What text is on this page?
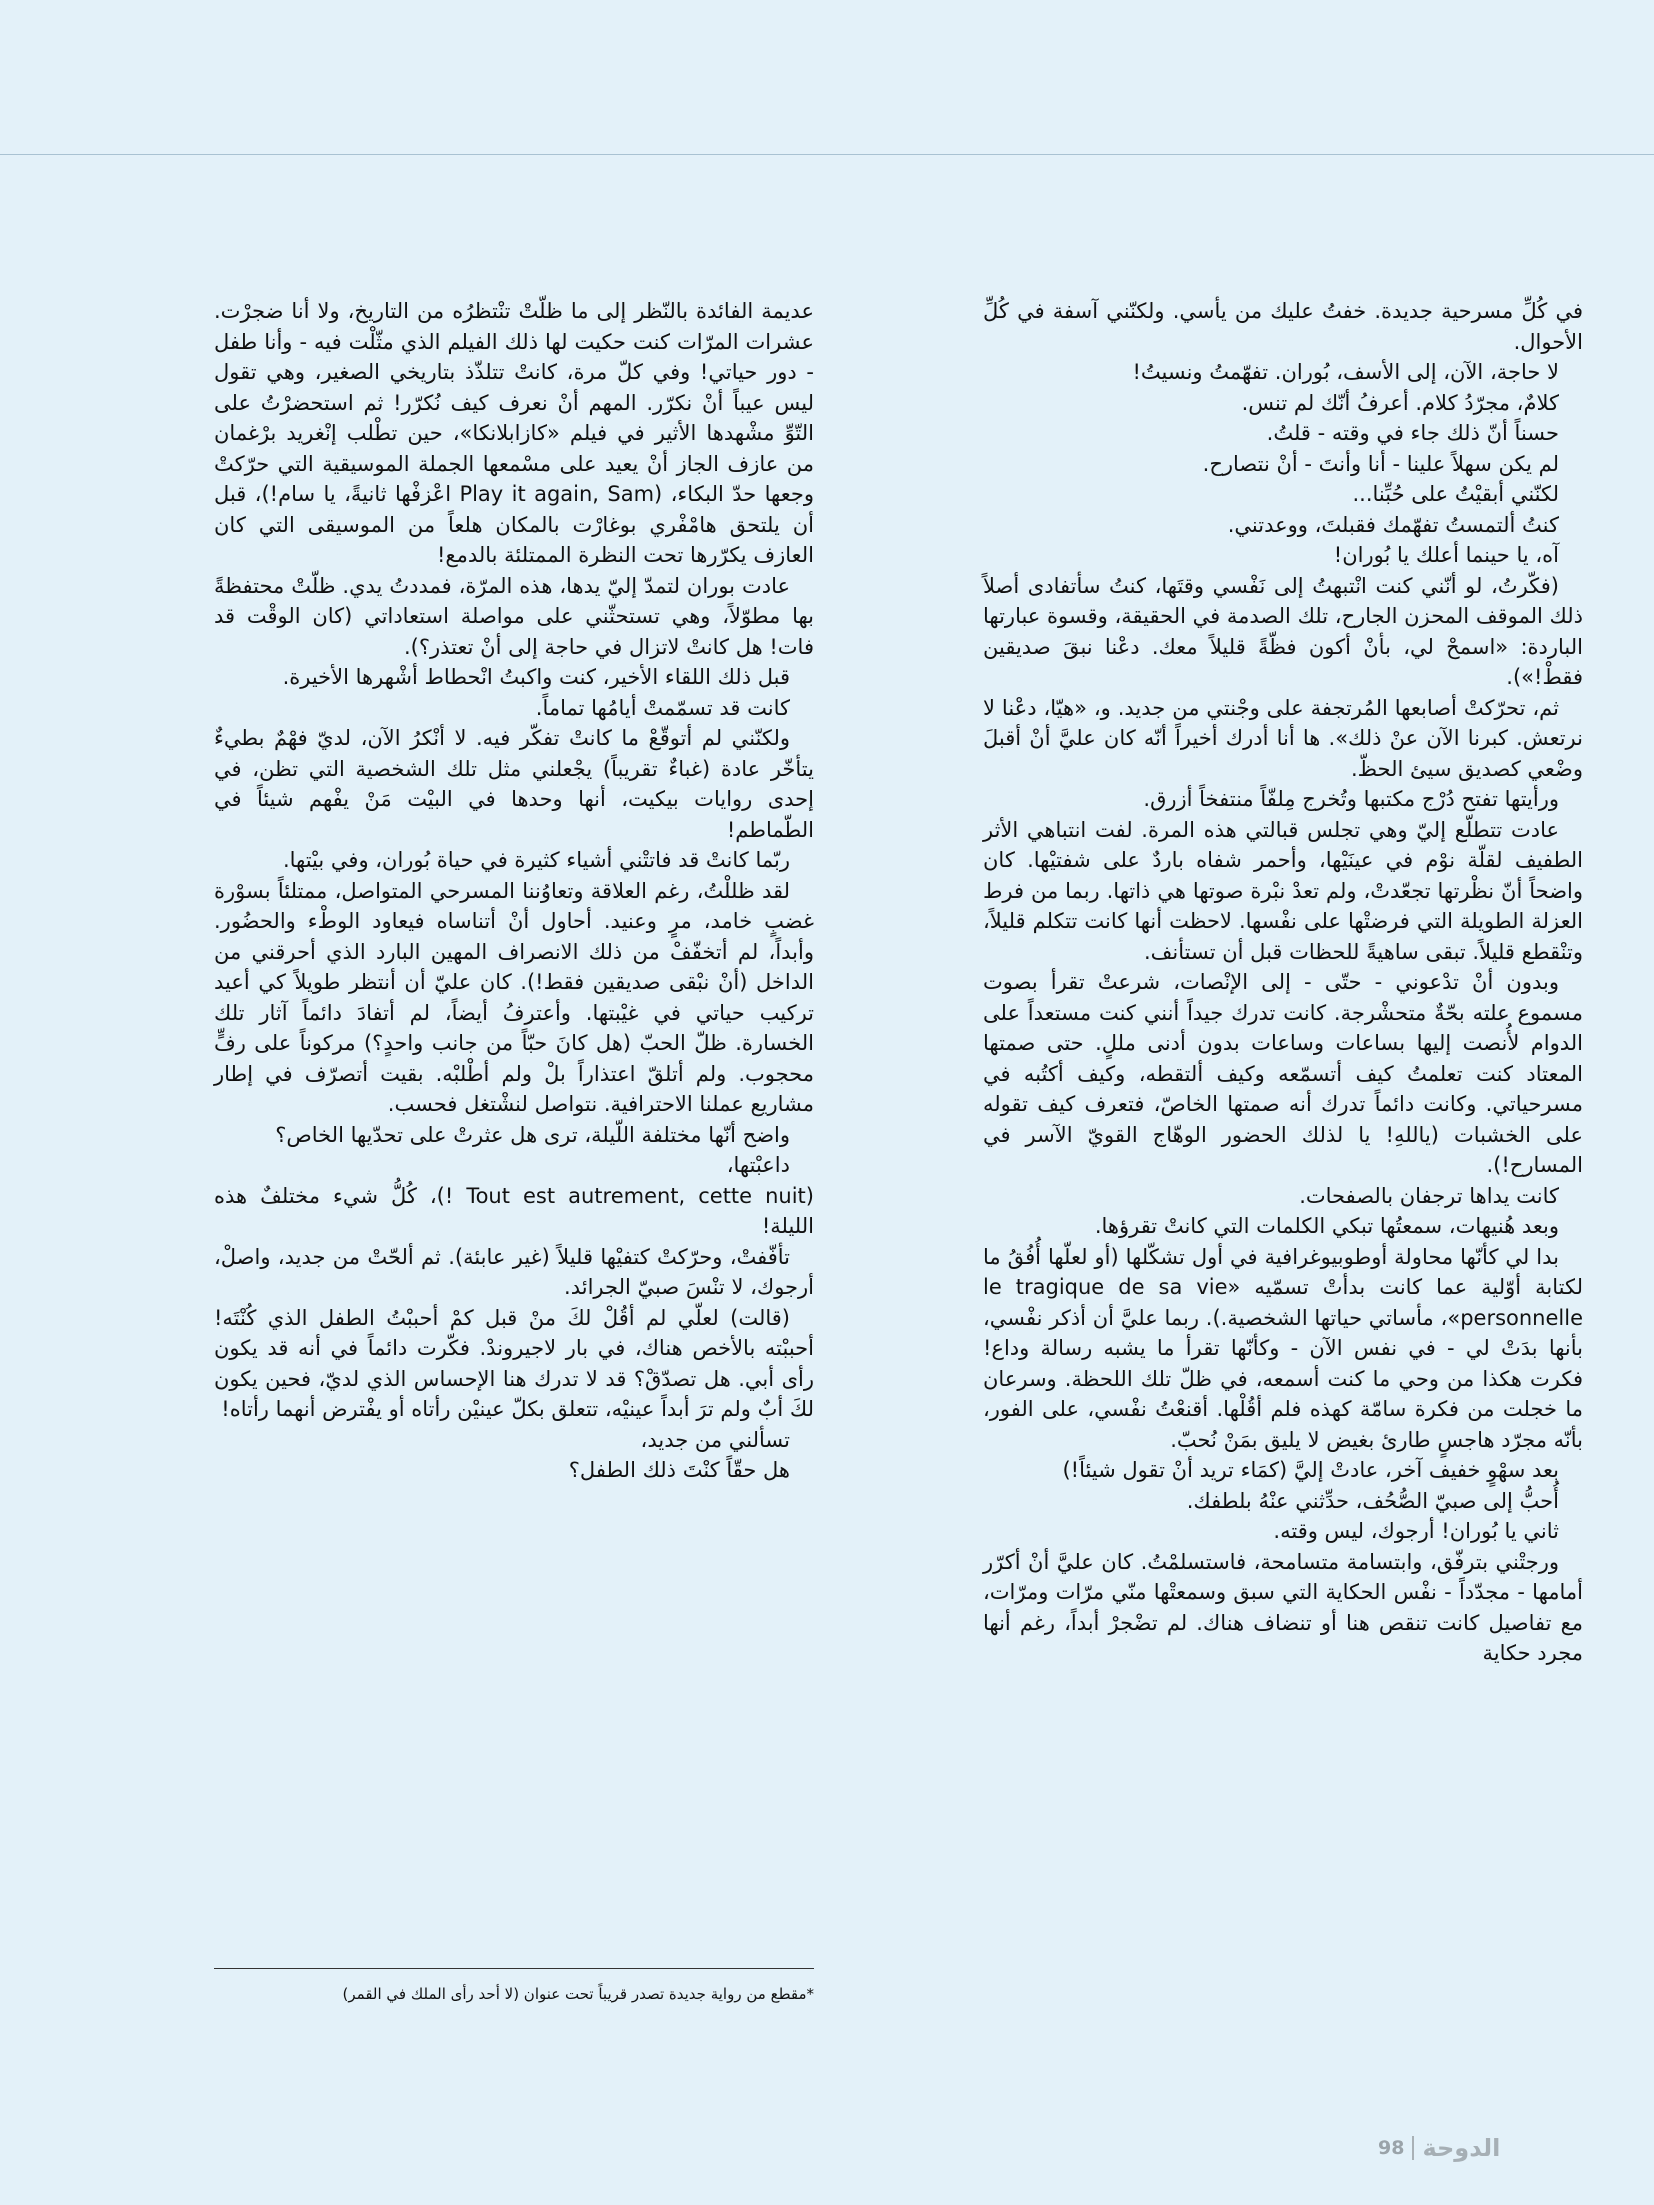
في كُلِّ مسرحية جديدة. خفتُ عليك من يأسي. ولكنّني آسفة في كُلِّ الأحوال.

لا حاجة، الآن، إلى الأسف، بُوران. تفهّمتُ ونسيتُ!

كلامٌ، مجرّدُ كلام. أعرفُ أنّك لم تنس.

حسناً أنّ ذلك جاء في وقته - قلتُ.

لم يكن سهلاً علينا - أنا وأنتَ - أنْ نتصارح.

لكنّني أبقيْتُ على حُبِّنا...

كنتُ ألتمستُ تفهّمك فقبلتَ، ووعدتني.

آه، يا حينما أعلك يا بُوران!

(فكّرتُ، لو أنّني كنت انْتبهتُ إلى نَفْسي وقتَها، كنتُ سأتفادى أصلاً ذلك الموقف المحزن الجارح، تلك الصدمة في الحقيقة، وقسوة عبارتها الباردة: «اسمحْ لي، بأنْ أكون فظّةً قليلاً معك. دعْنا نبقَ صديقين فقطْ!»).

ثم، تحرّكتْ أصابعها المُرتجفة على وجْنتي من جديد. و، «هيّا، دعْنا لا نرتعش. كبرنا الآن عنْ ذلك». ها أنا أدرك أخيراً أنّه كان عليَّ أنْ أقبلَ وضْعي كصديق سيئ الحظّ.

ورأيتها تفتح دُرْج مكتبها وتُخرج مِلفّاً منتفخاً أزرق.

عادت تتطلّع إليّ وهي تجلس قبالتي هذه المرة. لفت انتباهي الأثر الطفيف لقلّة نوْم في عينَيْها، وأحمر شفاه باردٌ على شفتيْها. كان واضحاً أنّ نظْرتها تجعّدتْ، ولم تعدْ نبْرة صوتها هي ذاتها. ربما من فرط العزلة الطويلة التي فرضتْها على نفْسها. لاحظت أنها كانت تتكلم قليلاً، وتنْقطع قليلاً. تبقى ساهيةً للحظات قبل أن تستأنف.

وبدون أنْ تدْعوني - حتّى - إلى الإنْصات، شرعتْ تقرأ بصوت مسموع علته بحّةٌ متحشْرجة. كانت تدرك جيداً أنني كنت مستعداً على الدوام لأُنصت إليها بساعات وساعات بدون أدنى مللٍ. حتى صمتها المعتاد كنت تعلمتُ كيف أتسمّعه وكيف ألتقطه، وكيف أكتُبه في مسرحياتي. وكانت دائماً تدرك أنه صمتها الخاصّ، فتعرف كيف تقوله على الخشبات (ياللهِ! يا لذلك الحضور الوهّاج القويّ الآسر في المسارح!).

كانت يداها ترجفان بالصفحات.

وبعد هُنيهات، سمعتُها تبكي الكلمات التي كانتْ تقرؤها.

بدا لي كأنّها محاولة أوطوبيوغرافية في أول تشكّلها (أو لعلّها أُفُقُ ما لكتابة أوّلية عما كانت بدأتْ تسمّيه «le tragique de sa vie personnelle»، مأساتي حياتها الشخصية.). ربما عليَّ أن أذكر نفْسي، بأنها بدَتْ لي - في نفس الآن - وكأنّها تقرأ ما يشبه رسالة وداع! فكرت هكذا من وحي ما كنت أسمعه، في ظلّ تلك اللحظة. وسرعان ما خجلت من فكرة سامّة كهذه فلم أقُلْها. أقنعْتُ نفْسي، على الفور، بأنّه مجرّد هاجسٍ طارئ بغيض لا يليق بمَنْ نُحبّ.

بعد سهْوٍ خفيف آخر، عادتْ إليَّ (كمَاء تريد أنْ تقول شيئاً!)

أُحبُّ إلى صبيّ الصُّحُف، حدِّثني عنْهُ بلطفك.

ثاني يا بُوران! أرجوك، ليس وقته.

ورجتْني بترفّق، وابتسامة متسامحة، فاستسلمْتُ. كان عليَّ أنْ أكرّر أمامها - مجدّداً - نفْس الحكاية التي سبق وسمعتْها منّي مرّات ومرّات، مع تفاصيل كانت تنقص هنا أو تنضاف هناك. لم تضْجرْ أبداً، رغم أنها مجرد حكاية

عديمة الفائدة بالنّظر إلى ما ظلّتْ تنْتظرُه من التاريخ، ولا أنا ضجرْت. عشرات المرّات كنت حكيت لها ذلك الفيلم الذي مثّلْت فيه - وأنا طفل - دور حياتي! وفي كلّ مرة، كانتْ تتلذّذ بتاريخي الصغير، وهي تقول ليس عيباً أنْ نكرّر. المهم أنْ نعرف كيف نُكرّر! ثم استحضرْتُ على التّوِّ مشْهدها الأثير في فيلم «كازابلانكا»، حين تطْلب إنْغريد برْغمان من عازف الجاز أنْ يعيد على مسْمعها الجملة الموسيقية التي حرّكتْ وجعها حدّ البكاء، (Play it again, Sam اعْزفْها ثانيةً، يا سام!)، قبل أن يلتحق هامْفْري بوغارْت بالمكان هلعاً من الموسيقى التي كان العازف يكرّرها تحت النظرة الممتلئة بالدمع!

عادت بوران لتمدّ إليّ يدها، هذه المرّة، فمددتُ يدي. ظلّتْ محتفظةً بها مطوّلاً، وهي تستحثّني على مواصلة استعاداتي (كان الوقْت قد فات! هل كانتْ لاتزال في حاجة إلى أنْ تعتذر؟).

قبل ذلك اللقاء الأخير، كنت واكبتُ انْحطاط أشْهرها الأخيرة.

كانت قد تسمّمتْ أيامُها تماماً.

ولكنّني لم أتوقّعْ ما كانتْ تفكّر فيه. لا أنْكرُ الآن، لديّ فهْمٌ بطيءٌ يتأخّر عادة (غباءٌ تقريباً) يجْعلني مثل تلك الشخصية التي تظن، في إحدى روايات بيكيت، أنها وحدها في البيْت مَنْ يفْهم شيئاً في الطّماطم!

ربّما كانتْ قد فاتتْني أشياء كثيرة في حياة بُوران، وفي بيْتها.

لقد ظللْتُ، رغم العلاقة وتعاوُننا المسرحي المتواصل، ممتلئاً بسوْرة غضبٍ خامد، مرٍ وعنيد. أحاول أنْ أتناساه فيعاود الوطْء والحضُور. وأبداً، لم أتخفّفْ من ذلك الانصراف المهين البارد الذي أحرقني من الداخل (أنْ نبْقى صديقين فقط!). كان عليّ أن أنتظر طويلاً كي أعيد تركيب حياتي في غيْبتها. وأعترفُ أيضاً، لم أتفادَ دائماً آثار تلك الخسارة. ظلّ الحبّ (هل كانَ حبّاً من جانب واحدٍ؟) مركوناً على رفٍّ محجوب. ولم أتلقّ اعتذاراً بلْ ولم أطْلبْه. بقيت أتصرّف في إطار مشاريع عملنا الاحترافية. نتواصل لنشْتغل فحسب.

واضح أنّها مختلفة اللّيلة، ترى هل عثرتْ على تحدّيها الخاص؟

داعبْتها،

(Tout est autrement, cette nuit !)، كُلُّ شيء مختلفٌ هذه الليلة!

تأفّفتْ، وحرّكتْ كتفيْها قليلاً (غير عابئة). ثم ألحّتْ من جديد، واصلْ، أرجوك، لا تنْسَ صبيّ الجرائد.

(قالت) لعلّي لم أقُلْ لكَ منْ قبل كمْ أحببْتُ الطفل الذي كُنْتَه! أحببْته بالأخص هناك، في بار لاجيروندْ. فكّرت دائماً في أنه قد يكون رأى أبي. هل تصدّقْ؟ قد لا تدرك هنا الإحساس الذي لديّ، فحين يكون لكَ أبٌ ولم ترَ أبداً عينيْه، تتعلق بكلّ عينيْن رأتاه أو يفْترض أنهما رأتاه!

تسألني من جديد،

هل حقّاً كنْتَ ذلك الطفل؟

*مقطع من رواية جديدة تصدر قريباً تحت عنوان (لا أحد رأى الملك في القمر)
98 الدوحة
